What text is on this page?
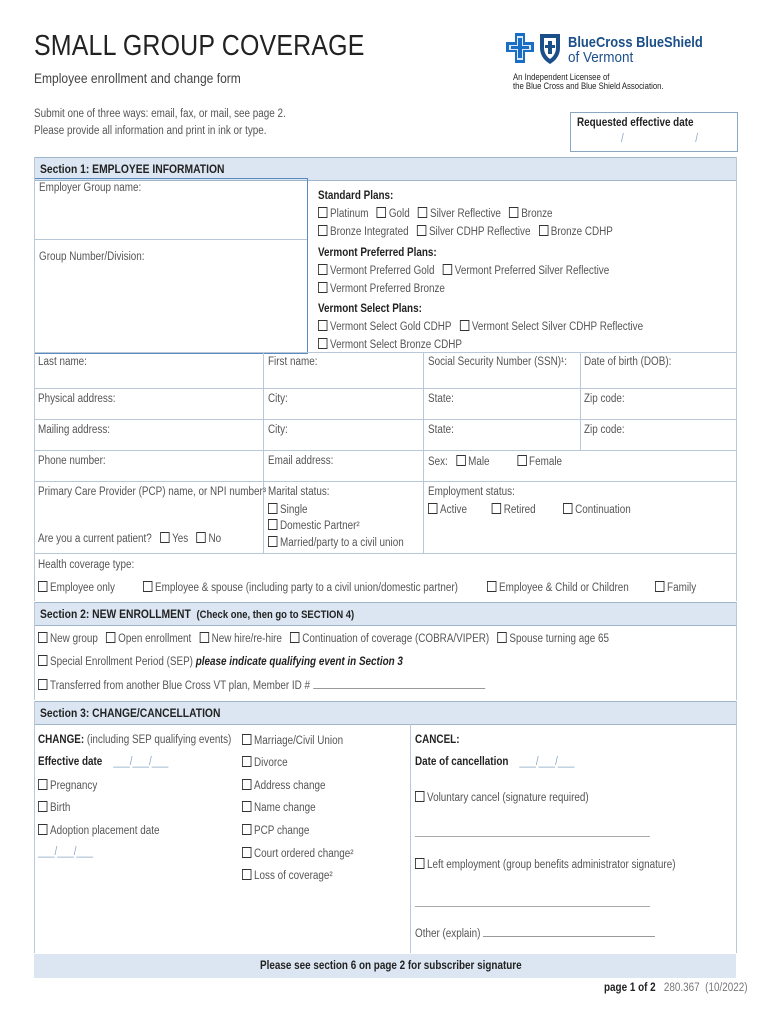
SMALL GROUP COVERAGE
Employee enrollment and change form
Submit one of three ways: email, fax, or mail, see page 2.
Please provide all information and print in ink or type.
BlueCross BlueShield
of Vermont
An Independent Licensee of
the Blue Cross and Blue Shield Association.
Requested effective date
/ /
Section 1: EMPLOYEE INFORMATION
Employer Group name:
Group Number/Division:
Standard Plans:
Platinum Gold Silver Reflective Bronze
Bronze Integrated Silver CDHP Reflective Bronze CDHP
Vermont Preferred Plans:
Vermont Preferred Gold Vermont Preferred Silver Reflective
Vermont Preferred Bronze
Vermont Select Plans:
Vermont Select Gold CDHP Vermont Select Silver CDHP Reflective
Vermont Select Bronze CDHP
Last name:	First name:	Social Security Number (SSN)¹: Date of birth (DOB):
Physical address:	City:	State:	Zip code:
Mailing address:	City:	State:	Zip code:
Phone number:	Email address:	Sex: Male	Female
Primary Care Provider (PCP) name, or NPI number³
Are you a current patient? Yes No
Marital status:
Single
Domestic Partner²
Married/party to a civil union
Employment status:
Active	Retired	Continuation
Health coverage type:
Employee only	Employee & spouse (including party to a civil union/domestic partner)	Employee & Child or Children	Family
Section 2: NEW ENROLLMENT (Check one, then go to SECTION 4)
New group Open enrollment New hire/re-hire Continuation of coverage (COBRA/VIPER) Spouse turning age 65
Special Enrollment Period (SEP) please indicate qualifying event in Section 3
Transferred from another Blue Cross VT plan, Member ID #
Section 3: CHANGE/CANCELLATION
CHANGE: (including SEP qualifying events)
Effective date ___/___/___
Pregnancy
Birth
Adoption placement date
___/___/___
Marriage/Civil Union
Divorce
Address change
Name change
PCP change
Court ordered change²
Loss of coverage²
CANCEL:
Date of cancellation ___/___/___
Voluntary cancel (signature required)
Left employment (group benefits administrator signature)
Other (explain)
Please see section 6 on page 2 for subscriber signature
page 1 of 2 280.367 (10/2022)
